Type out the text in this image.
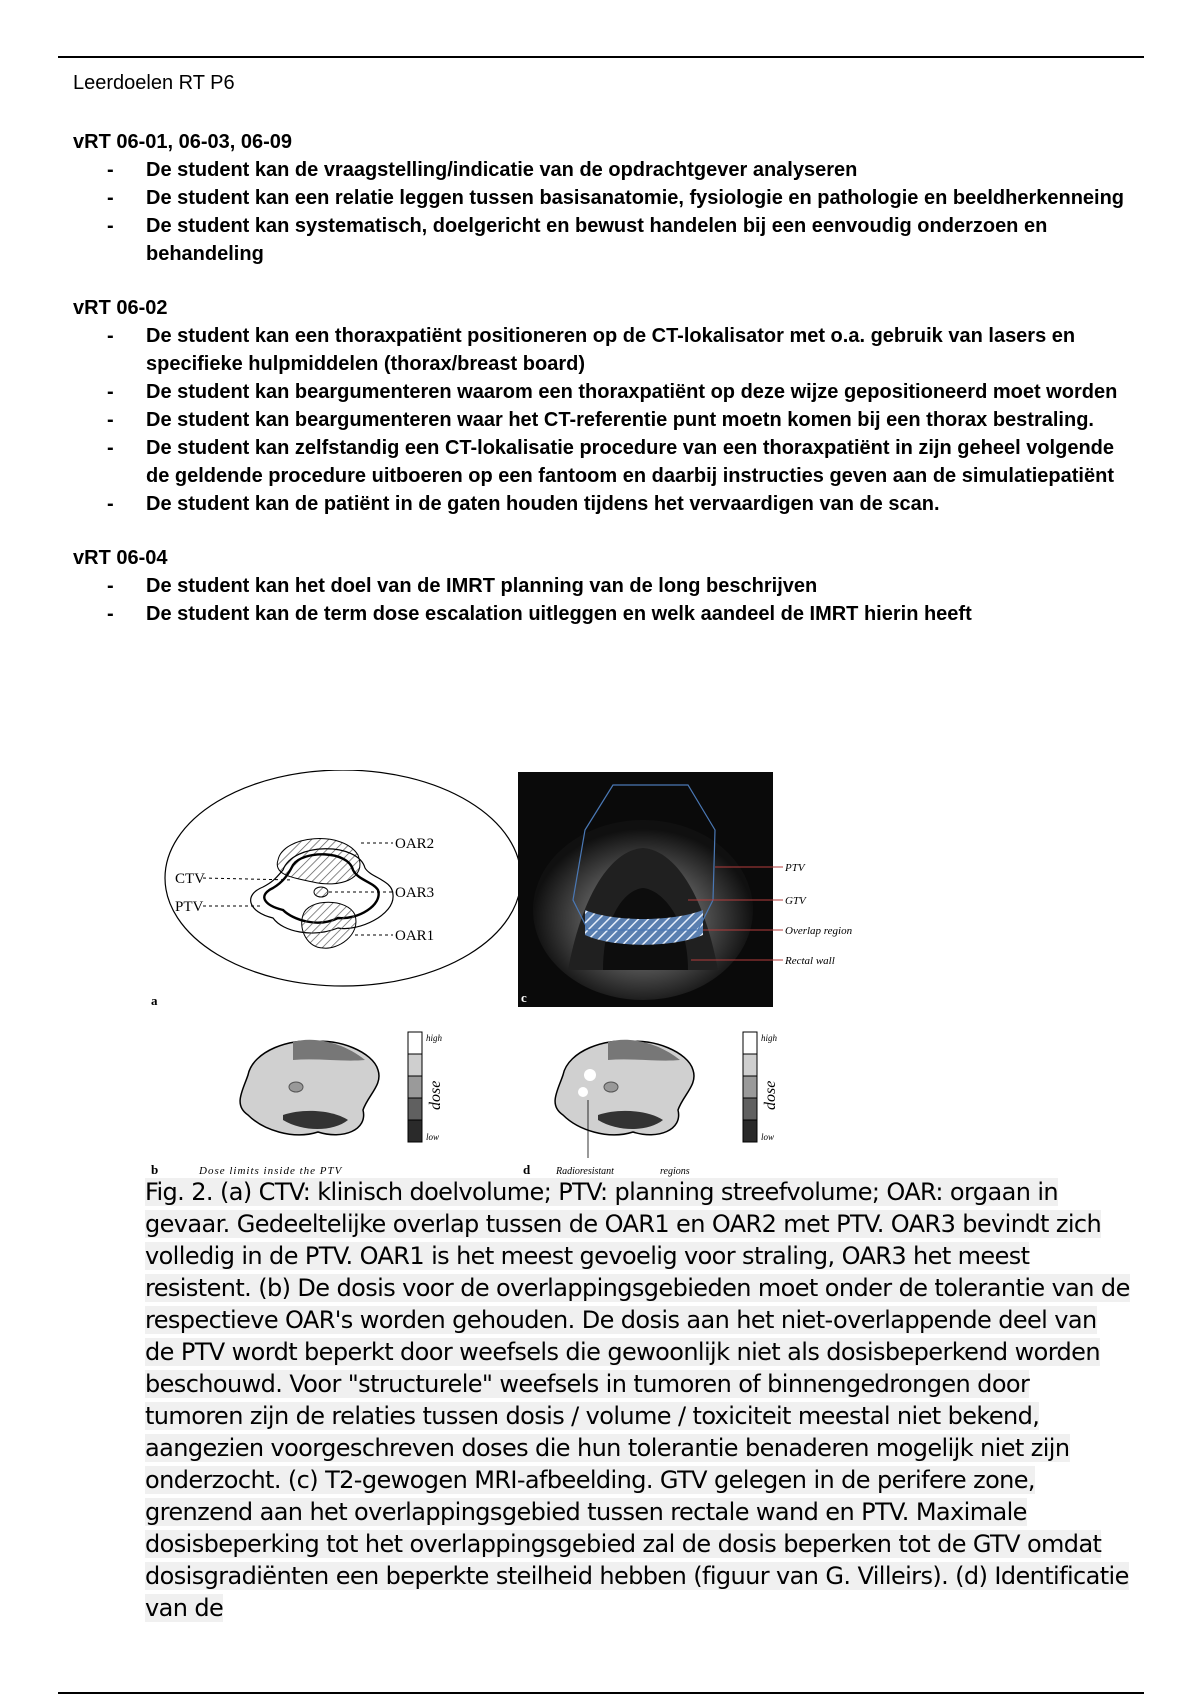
Leerdoelen RT P6
vRT 06-01, 06-03, 06-09
- De student kan de vraagstelling/indicatie van de opdrachtgever analyseren
- De student kan een relatie leggen tussen basisanatomie, fysiologie en pathologie en beeldherkenneing
- De student kan systematisch, doelgericht en bewust handelen bij een eenvoudig onderzoen en behandeling
vRT 06-02
- De student kan een thoraxpatiënt positioneren op de CT-lokalisator met o.a. gebruik van lasers en specifieke hulpmiddelen (thorax/breast board)
- De student kan beargumenteren waarom een thoraxpatiënt op deze wijze gepositioneerd moet worden
- De student kan beargumenteren waar het CT-referentie punt moetn komen bij een thorax bestraling.
- De student kan zelfstandig een CT-lokalisatie procedure van een thoraxpatiënt in zijn geheel volgende de geldende procedure uitboeren op een fantoom en daarbij instructies geven aan de simulatiepatiënt
- De student kan de patiënt in de gaten houden tijdens het vervaardigen van de scan.
vRT 06-04
- De student kan het doel van de IMRT planning van de long beschrijven
- De student kan de term dose escalation uitleggen en welk aandeel de IMRT hierin heeft
OAR2
OAR3
OAR1
CTV
PTV
a
PTV
GTV
Overlap region
Rectal wall
c
high
low
dose
b	Dose limits inside the PTV
high
low
dose
d	Radioresistant	regions
Fig. 2. (a) CTV: klinisch doelvolume; PTV: planning streefvolume; OAR: orgaan in gevaar. Gedeeltelijke overlap tussen de OAR1 en OAR2 met PTV. OAR3 bevindt zich volledig in de PTV. OAR1 is het meest gevoelig voor straling, OAR3 het meest resistent. (b) De dosis voor de overlappingsgebieden moet onder de tolerantie van de respectieve OAR's worden gehouden. De dosis aan het niet-overlappende deel van de PTV wordt beperkt door weefsels die gewoonlijk niet als dosisbeperkend worden beschouwd. Voor "structurele" weefsels in tumoren of binnengedrongen door tumoren zijn de relaties tussen dosis / volume / toxiciteit meestal niet bekend, aangezien voorgeschreven doses die hun tolerantie benaderen mogelijk niet zijn onderzocht. (c) T2-gewogen MRI-afbeelding. GTV gelegen in de perifere zone, grenzend aan het overlappingsgebied tussen rectale wand en PTV. Maximale dosisbeperking tot het overlappingsgebied zal de dosis beperken tot de GTV omdat dosisgradiënten een beperkte steilheid hebben (figuur van G. Villeirs). (d) Identificatie van de
